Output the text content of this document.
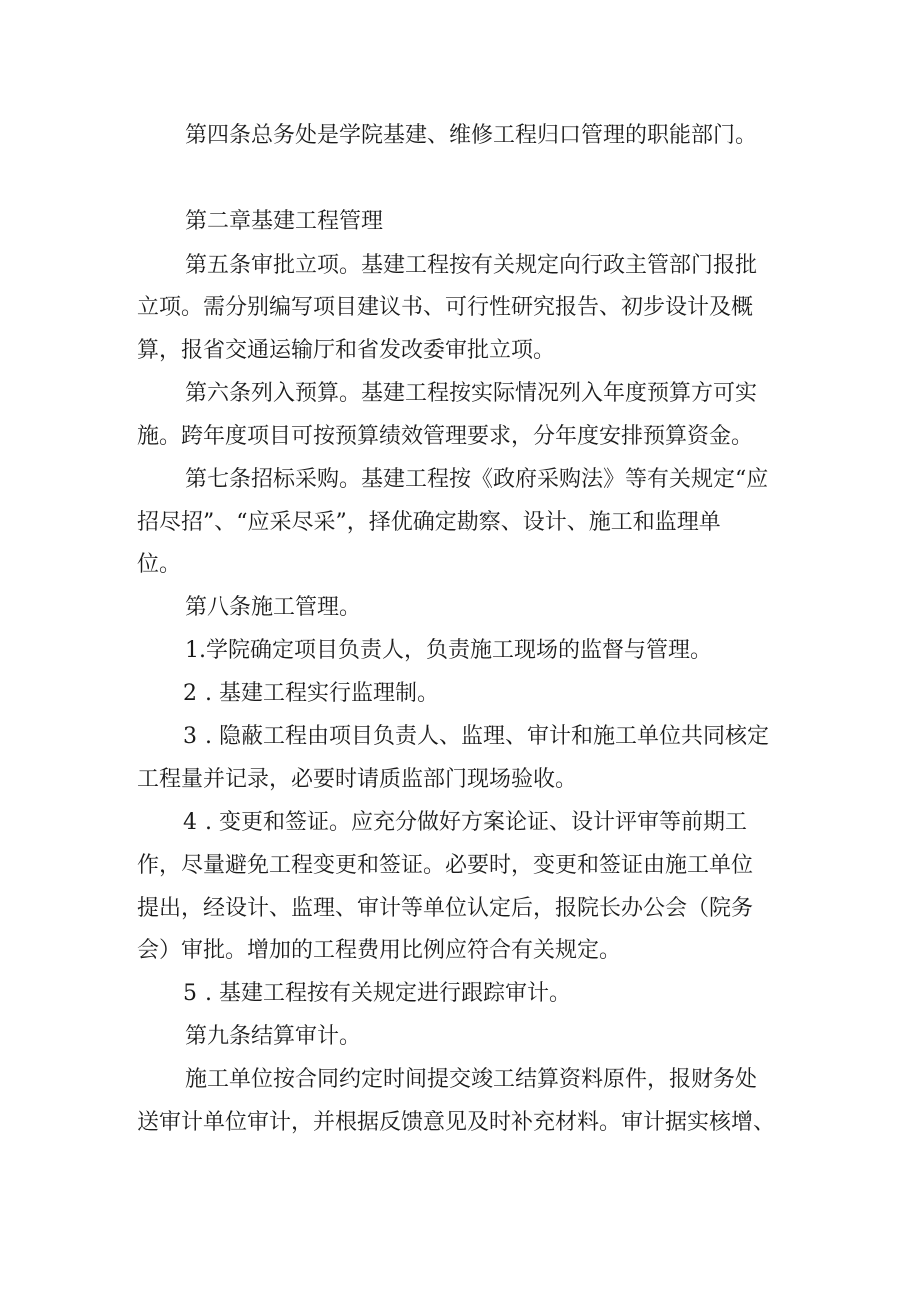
第四条总务处是学院基建、维修工程归口管理的职能部门。
第二章基建工程管理
第五条审批立项。基建工程按有关规定向行政主管部门报批
立项。需分别编写项目建议书、可行性研究报告、初步设计及概
算，报省交通运输厅和省发改委审批立项。
第六条列入预算。基建工程按实际情况列入年度预算方可实
施。跨年度项目可按预算绩效管理要求，分年度安排预算资金。
第七条招标采购。基建工程按《政府采购法》等有关规定“应
招尽招”、“应采尽采”，择优确定勘察、设计、施工和监理单
位。
第八条施工管理。
1.学院确定项目负责人，负责施工现场的监督与管理。
2 . 基建工程实行监理制。
3 . 隐蔽工程由项目负责人、监理、审计和施工单位共同核定
工程量并记录，必要时请质监部门现场验收。
4 . 变更和签证。应充分做好方案论证、设计评审等前期工
作，尽量避免工程变更和签证。必要时，变更和签证由施工单位
提出，经设计、监理、审计等单位认定后，报院长办公会（院务
会）审批。增加的工程费用比例应符合有关规定。
5 . 基建工程按有关规定进行跟踪审计。
第九条结算审计。
施工单位按合同约定时间提交竣工结算资料原件，报财务处
送审计单位审计，并根据反馈意见及时补充材料。审计据实核增、
